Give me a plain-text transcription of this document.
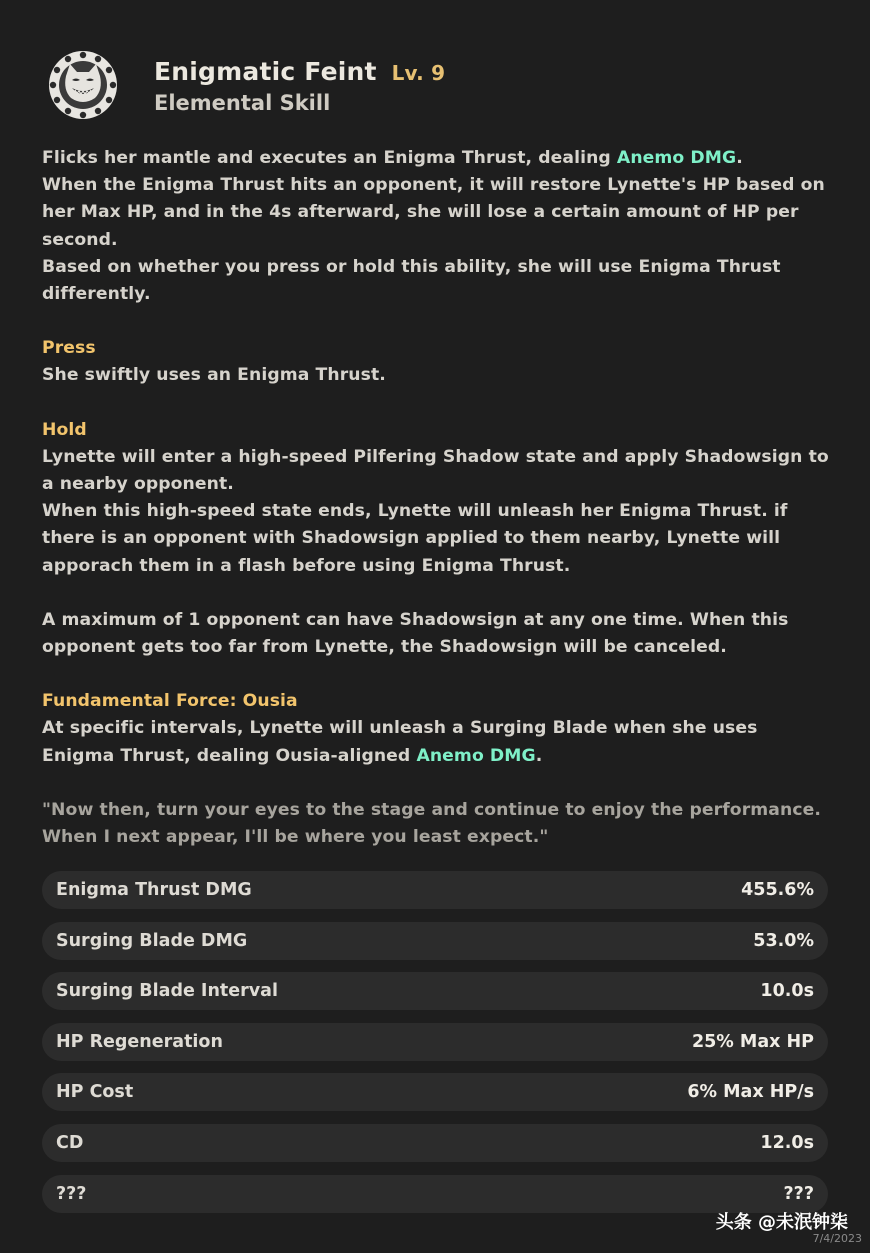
Enigmatic Feint Lv. 9
Elemental Skill

Flicks her mantle and executes an Enigma Thrust, dealing Anemo DMG.

When the Enigma Thrust hits an opponent, it will restore Lynette's HP based on her Max HP, and in the 4s afterward, she will lose a certain amount of HP per second.

Based on whether you press or hold this ability, she will use Enigma Thrust differently.

Press

She swiftly uses an Enigma Thrust.

Hold

Lynette will enter a high-speed Pilfering Shadow state and apply Shadowsign to a nearby opponent.

When this high-speed state ends, Lynette will unleash her Enigma Thrust. if there is an opponent with Shadowsign applied to them nearby, Lynette will apporach them in a flash before using Enigma Thrust.

A maximum of 1 opponent can have Shadowsign at any one time. When this opponent gets too far from Lynette, the Shadowsign will be canceled.

Fundamental Force: Ousia

At specific intervals, Lynette will unleash a Surging Blade when she uses Enigma Thrust, dealing Ousia-aligned Anemo DMG.

"Now then, turn your eyes to the stage and continue to enjoy the performance. When I next appear, I'll be where you least expect."

Enigma Thrust DMG	455.6%
Surging Blade DMG	53.0%
Surging Blade Interval	10.0s
HP Regeneration	25% Max HP
HP Cost	6% Max HP/s
CD	12.0s
???	???
头条 @未泯钟柒
7/4/2023
